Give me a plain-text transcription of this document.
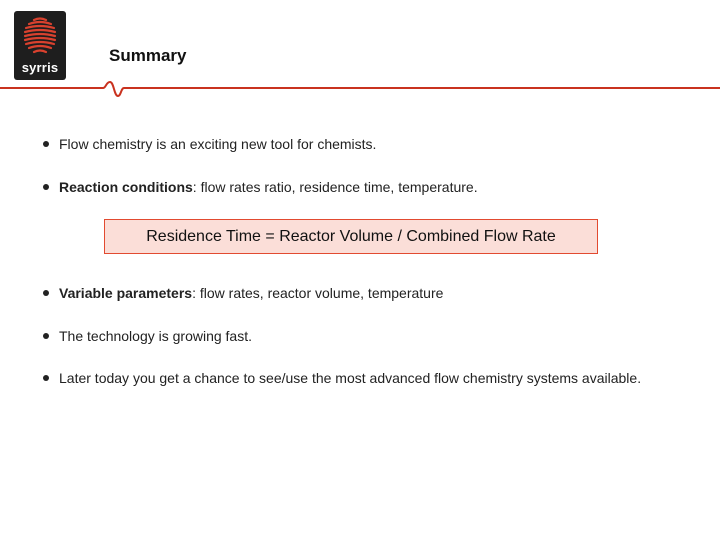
syrris
Summary
Flow chemistry is an exciting new tool for chemists.
Reaction conditions: flow rates ratio, residence time, temperature.
Variable parameters: flow rates, reactor volume, temperature
The technology is growing fast.
Later today you get a chance to see/use the most advanced flow chemistry systems available.
Residence Time = Reactor Volume / Combined Flow Rate
